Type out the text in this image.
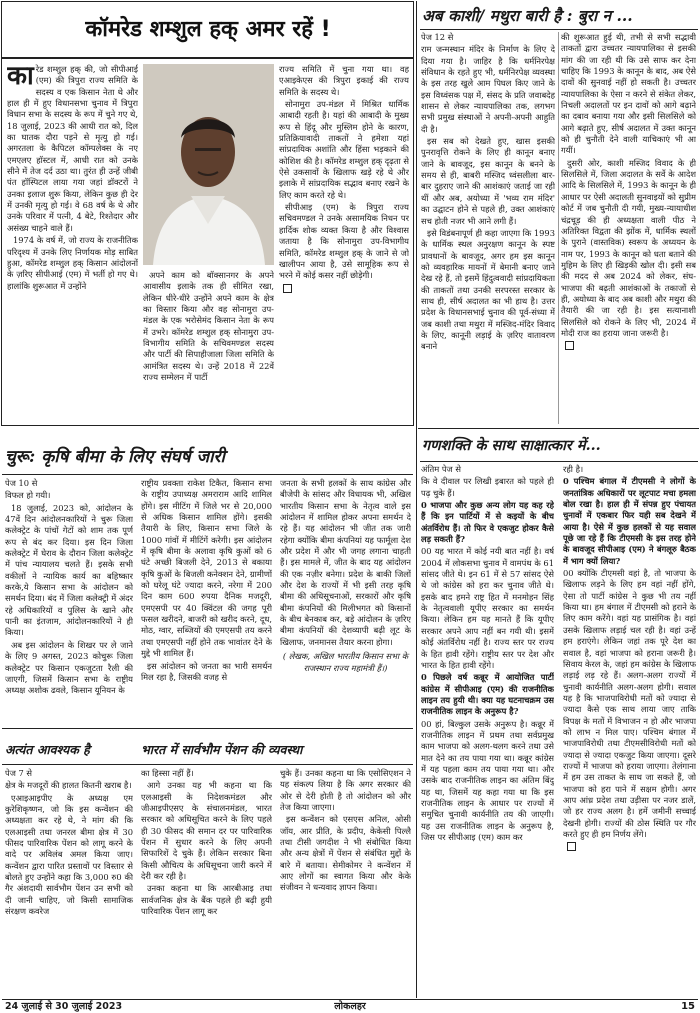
कॉमरेड शम्शुल हक् अमर रहें !

कारेड शम्शुल हक् की, जो सीपीआई (एम) की त्रिपुरा राज्य समिति के सदस्य व एक किसान नेता थे और हाल ही में हुए विधानसभा चुनाव में त्रिपुरा विधान सभा के सदस्य के रूप में चुने गए थे, 18 जुलाई, 2023 की आधी रात को, दिल का घातक दौरा पड़ने से मृत्यु हो गई। अगरतला के कैपिटल कॉम्पलेक्स के नए एमएलए हॉस्टल में, आधी रात को उनके सीने में तेज दर्द उठा था। तुरंत ही उन्हें जीबी पंत हॉस्पिटल लाया गया जहां डॉक्टरों ने उनका इलाज शुरू किया, लेकिन कुछ ही देर में उनकी मृत्यु हो गई। वे 68 वर्ष के थे और उनके परिवार में पत्नी, 4 बेटे, रिश्तेदार और असंख्य चाहने वाले हैं।

1974 के वर्ष में, जो राज्य के राजनीतिक परिदृश्य में उनके लिए निर्णायक मोड़ साबित हुआ, कॉमरेड शम्शुल हक् किसान आंदोलनों के ज़रिए सीपीआई (एम) में भर्ती हो गए थे। हालांकि शुरूआत में उन्होंने

अपने काम को बॉक्सानगर के अपने आवासीय इलाके तक ही सीमित रखा, लेकिन धीरे-धीरे उन्होंने अपने काम के क्षेत्र का विस्तार किया और वह सोनामुरा उप-मंडल के एक भरोसेमंद किसान नेता के रूप में उभरे। कॉमरेड शम्शुल हक् सोनामुरा उप-विभागीय समिति के सचिवमण्डल सदस्य और पार्टी की सिपाहीजाला जिला समिति के आमंत्रित सदस्य थे। उन्हें 2018 में 22वें राज्य सम्मेलन में पार्टी

राज्य समिति में चुना गया था। वह एआइकेएस की त्रिपुरा इकाई की राज्य समिति के सदस्य थे।

सोनामुरा उप-मंडल में मिश्रित धार्मिक आबादी रहती है। यहां की आबादी के मुख्य रूप से हिंदू और मुस्लिम होने के कारण, प्रतिक्रियावादी ताकतों ने हमेशा यहां सांप्रदायिक अशांति और हिंसा भड़काने की कोशिश की है। कॉमरेड शम्शुल हक् दृढ़ता से ऐसे उकसावों के खिलाफ खड़े रहे थे और इलाके में सांप्रदायिक सद्भाव बनाए रखने के लिए काम करते रहे थे।

सीपीआइ (एम) के त्रिपुरा राज्य सचिवमण्डल ने उनके असामयिक निधन पर हार्दिक शोक व्यक्त किया है और विश्वास जताया है कि सोनामुरा उप-विभागीय समिति, कॉमरेड शम्शुल हक् के जाने से जो खालीपन आया है, उसे सामूहिक रूप से भरने में कोई कसर नहीं छोड़ेगी।

अब काशी/ मथुरा बारी है : बुरा न ...

पेज 12 से

राम जन्मस्थान मंदिर के निर्माण के लिए दे दिया गया है। जाहिर है कि धर्मनिरपेक्ष संविधान के रहते हुए भी, धर्मनिरपेक्ष व्यवस्था के इस तरह खुले आम पिघल किए जाने के इस विध्वंसक पक्ष में, संसद के प्रति जवाबदेह शासन से लेकर न्यायपालिका तक, लगभग सभी प्रमुख संस्थाओं ने अपनी-अपनी आहुति दी है।

इस सब को देखते हुए, खास इसकी पुनरावृत्ति रोकने के लिए ही कानून बनाए जाने के बावजूद, इस कानून के बनने के समय से ही, बाबरी मस्जिद ध्वंसलीला बार-बार दुहराए जाने की आशंकाएं जताई जा रही थीं और अब, अयोध्या में 'भव्य राम मंदिर' का उद्घाटन होने से पहले ही, उक्त आशंकाएं सच होती नजर भी आने लगी हैं।

इसे विडंबनापूर्ण ही कहा जाएगा कि 1993 के धार्मिक स्थल अनुरक्षण कानून के स्पष्ट प्रावधानों के बावजूद, अगर हम इस कानून को व्यवहारिक मायनों में बेमानी बनाए जाने देख रहे हैं, तो इसमें हिंदुत्ववादी सांप्रदायिकता की ताकतों तथा उनकी सरपरस्त सरकार के साथ ही, सीर्ष अदालत का भी हाथ है। उत्तर प्रदेश के विधानसभाई चुनाव की पूर्व-संध्या में जब काशी तथा मथुरा में मस्जिद-मंदिर विवाद के लिए, कानूनी लड़ाई के ज़रिए वातावरण बनाने

की शुरूआत हुई थी, तभी से सभी सद्भावी ताकतों द्वारा उच्चतर न्यायपालिका से इसकी मांग की जा रही थी कि उसे साफ कर देना चाहिए कि 1993 के कानून के बाद, अब ऐसे दावों की सुनवाई नहीं हो सकती है। उच्चतर न्यायपालिका के ऐसा न करने से संकेत लेकर, निचली अदालतों पर इन दावों को आगे बढ़ाने का दबाव बनाया गया और इसी सिलसिले को आगे बढ़ाते हुए, सीर्ष अदालत में उक्त कानून को ही चुनौती देने वाली याचिकाएं भी आ गयीं।

दुसरी ओर, काशी मस्जिद विवाद के ही सिलसिले में, जिला अदालत के सर्वे के आदेश आदि के सिलसिले में, 1993 के कानून के ही आधार पर ऐसी अदालती सुनवाइयों को सुप्रीम कोर्ट में जब चुनौती दी गयी, मुख्य-न्यायाधीश चंद्रचूड़ की ही अध्यक्षता वाली पीठ ने अतिरिक्त विद्वता की झोंक में, धार्मिक स्थलों के पुराने (वास्तविक) स्वरूप के अध्ययन के नाम पर, 1993 के कानून को धता बताने की मुहिम के लिए ही खिड़की खोल दी। इसी सब की मदद से अब 2024 को लेकर, संघ-भाजपा की बढ़ती आशंकाओं के तकाजों से ही, अयोध्या के बाद अब काशी और मथुरा की तैयारी की जा रही है। इस सत्यानाशी सिलसिले को रोकने के लिए भी, 2024 में मोदी राज का हराया जाना जरूरी है।

चुरू: कृषि बीमा के लिए संघर्ष जारी

पेज 10 से

विफल हो गयी।

18 जुलाई, 2023 को, आंदोलन के 47वें दिन आंदोलनकारियों ने चुरू जिला कलेक्ट्रेट के पांचों गेटों को शाम तक पूर्ण रूप से बंद कर दिया। इस दिन जिला कलेक्ट्रेट में घेराव के दौरान जिला कलेक्ट्रेट में पांच न्यायालय चलते हैं। इसके सभी वकीलों ने न्यायिक कार्य का बहिष्कार करके,ये किसान सभा के आंदोलन को समर्थन दिया। बंद में जिला कलेक्ट्री में अंदर रहे अधिकारियों व पुलिस के खाने और पानी का इंतजाम, आंदोलनकारियों ने ही किया।

अब इस आंदोलन के शिखर पर ले जाने के लिए 9 अगस्त, 2023 कोचुरू जिला कलेक्ट्रेट पर किसान एकजुटता रैली की जाएगी, जिसमें किसान सभा के राष्ट्रीय अध्यक्ष अशोक ढवले, किसान यूनियन के

राष्ट्रीय प्रवक्ता राकेश टिकैत, किसान सभा के राष्ट्रीय उपाध्यक्ष अमराराम आदि शामिल होंगे। इस मीटिंग में जिले भर से 20,000 से अधिक किसान शामिल होंगे। इसकी तैयारी के लिए, किसान सभा जिले के 1000 गांवों में मीटिंगें करेगी। इस आंदोलन में कृषि बीमा के अलावा कृषि कुओं को 6 घंटे अच्छी बिजली देने, 2013 से बकाया कृषि कुओं के बिजली कनेक्शन देने, ग्रामीणों को घरेलू घंटे ज्यादा करने, नरेगा में 200 दिन काम 600 रुपया दैनिक मजदूरी, एमएसपी पर 40 क्विंटल की जगह पूरी फसल खरीदने, बाजरी को खरीद करने, दूध, मोठ, ग्वार, सब्जियों की एमएसपी तय करने तथा एमएसपी नहीं होने तक भावांतर देने के मुद्दे भी शामिल हैं।

इस आंदोलन को जनता का भारी समर्थन मिल रहा है, जिसकी वजह से

जनता के सभी हलकों के साथ कांग्रेस और बीजेपी के सांसद और विधायक भी, अखिल भारतीय किसान सभा के नेतृत्व वाले इस आंदोलन में शामिल होकर अपना समर्थन दे रहे हैं। यह आंदोलन भी जीत तक जारी रहेगा क्योंकि बीमा कंपनियां यह फार्मूला देश और प्रदेश में और भी जगह लगाना चाहती हैं। इस मामले में, जीत के बाद यह आंदोलन की एक नज़ीर बनेगा। प्रदेश के बाकी जिलों और देश के राज्यों में भी इसी तरह कृषि बीमा की अधिसूचनाओं, सरकारों और कृषि बीमा कंपनियों की मिलीभगत को किसानों के बीच बेनकाब कर, बड़े आंदोलन के ज़रिए बीमा कंपनियों की देशव्यापी बढ़ी लूट के खिलाफ, जनमानस तैयार करना होगा।

( लेखक, अखिल भारतीय किसान सभा के राजस्थान राज्य महामंत्री हैं।)

गणशक्ति के साथ साक्षात्कार में...

अंतिम पेज से

कि वे दीवाल पर लिखी इबारत को पहले ही पढ़ चुके हैं।

0 भाजपा और कुछ अन्य लोग यह कह रहे हैं कि इन पार्टियों में से कइयों के बीच अंतर्विरोध हैं। तो फिर वे एकजुट होकर कैसे लड़ सकती हैं?

00 यह भारत में कोई नयी बात नहीं है। वर्ष 2004 में लोकसभा चुनाव में वामपंथ के 61 सांसद जीते थे। इन 61 में से 57 सांसद ऐसे थे जो कांग्रेस को हरा कर चुनाव जीते थे। इसके बाद हमने राष्ट्र हित में मनमोहन सिंह के नेतृत्ववाली यूपीए सरकार का समर्थन किया। लेकिन हम यह मानते हैं कि यूपीए सरकार अपने आप नहीं बन गयी थी। इसमें कोई अंतर्विरोध नहीं है। राज्य स्तर पर राज्य के हित हावी रहेंगे। राष्ट्रीय स्तर पर देश और भारत के हित हावी रहेंगे।

0 पिछले वर्ष कन्नूर में आयोजित पार्टी कांग्रेस में सीपीआइ (एम) की राजनीतिक लाइन तय हुयी थी। क्या यह घटनाचक्रम उस राजनीतिक लाइन के अनुरूप है?

00 हां, बिल्कुल उसके अनुरूप है। कन्नूर में राजनीतिक लाइन में प्रथम तथा सर्वप्रमुख काम भाजपा को अलग-थलग करने तथा उसे मात देने का तय पाया गया था। कन्नूर कांग्रेस में यह पहला काम तय पाया गया था। और उसके बाद राजनीतिक लाइन का अंतिम बिंदु यह था, जिसमें यह कहा गया था कि इस राजनीतिक लाइन के आधार पर राज्यों में समुचित चुनावी कार्यनीति तय की जाएगी। यह उस राजनीतिक लाइन के अनुरूप है, जिस पर सीपीआइ (एम) काम कर

रही है।

0 पश्चिम बंगाल में टीएमसी ने लोगों के जनतांत्रिक अधिकारों पर लूटपाट मचा हमला बोल रखा है। हाल ही में संपन्न हुए पंचायत चुनावों में एकबार फिर यही सब देखने में आया है। ऐसे में कुछ हलकों से यह सवाल पूछे जा रहे हैं कि टीएमसी के इस तरह होने के बावजूद सीपीआइ (एम) ने बंगलूरु बैठक में भाग क्यों लिया?

00 क्योंकि टीएमसी वहां है, तो भाजपा के खिलाफ लड़ने के लिए हम वहां नहीं होंगे, ऐसा तो पार्टी कांग्रेस ने कुछ भी तय नहीं किया था। हम बंगाल में टीएमसी को हराने के लिए काम करेंगे। वहां यह प्रासंगिक है। वहां उसके खिलाफ लड़ाई चल रही है। वहां उन्हें हम हराएंगे। लेकिन जहां तक पूरे देश का सवाल है, वहां भाजपा को हराना जरूरी है। सिवाय केरल के, जहां हम कांग्रेस के खिलाफ लड़ाई लड़ रहे हैं। अलग-अलग राज्यों में चुनावी कार्यनीति अलग-अलग होगी। सवाल यह है कि भाजपाविरोधी मतों को ज्यादा से ज्यादा कैसे एक साथ लाया जाए ताकि विपक्ष के मतों में विभाजन न हो और भाजपा को लाभ न मिल पाए। पश्चिम बंगाल में भाजपाविरोधी तथा टीएमसीविरोधी मतों को ज्यादा से ज्यादा एकजुट किया जाएगा। दूसरे राज्यों में भाजपा को हराया जाएगा। तेलंगाना में हम उस ताकत के साथ जा सकते हैं, जो भाजपा को हरा पाने में सक्षम होगी। अगर आप आंध्र प्रदेश तथा उड़ीसा पर नजर डालें, जो हर राज्य अलग है। हमें जमीनी सच्चाई देखनी होगी। राज्यों की ठोस स्थिति पर गौर करते हुए ही हम निर्णय लेंगे।

अत्यंत आवश्यक है	भारत में सार्वभौम पेंशन की व्यवस्था

पेज 7 से

क्षेत्र के मजदूरों की हालत कितनी खराब है।

एआइआइपीए के अध्यक्ष एम कुरेशिकृष्णन, जो कि इस कन्वेंशन की अध्यक्षता कर रहे थे, ने मांग की कि एलआइसी तथा जनरल बीमा क्षेत्र में 30 फीसद पारिवारिक पेंशन को लागू करने के वादे पर अविलंब अमल किया जाए। कन्वेंशन द्वारा पारित प्रस्तावों पर विस्तार से बोलते हुए उन्होंने कहा कि 3,000 रु0 की गैर अंशदायी सार्वभौम पेंशन उन सभी को दी जानी चाहिए, जो किसी सामाजिक संरक्षण कवरेज

का हिस्सा नहीं हैं।

आगे उनका यह भी कहना था कि एलआइसी के निदेशकमंडल और जीआइपीएसए के संचालनमंडल, भारत सरकार को अधिसूचित करने के लिए पहले ही 30 फीसद की समान दर पर पारिवारिक पेंशन में सुधार करने के लिए अपनी सिफारिशें दे चुके हैं। लेकिन सरकार बिना किसी औचित्य के अधिसूचना जारी करने में देरी कर रही है।

उनका कहना था कि आरबीआइ तथा सार्वजनिक क्षेत्र के बैंक पहले ही बढ़ी हुयी पारिवारिक पेंशन लागू कर

चुके हैं। उनका कहना था कि एसोसिएशन ने यह संकल्प लिया है कि अगर सरकार की ओर से देरी होती है तो आंदोलन को और तेज किया जाएगा।

इस कन्वेंशन को एसएस अनिल, ओसी जॉय, आर प्रीति, के प्रदीप, केकेसी पिल्लै तथा टीसी जगदीश ने भी संबोधित किया और अन्य क्षेत्रों में पेंशन से संबंधित मुद्दों के बारे में बताया। सेमीकोमर ने कन्वेंशन में आए लोगों का स्वागत किया और केके संजीवन ने धन्यवाद ज्ञापन किया।

24 जुलाई से 30 जुलाई 2023	लोकलहर	15
